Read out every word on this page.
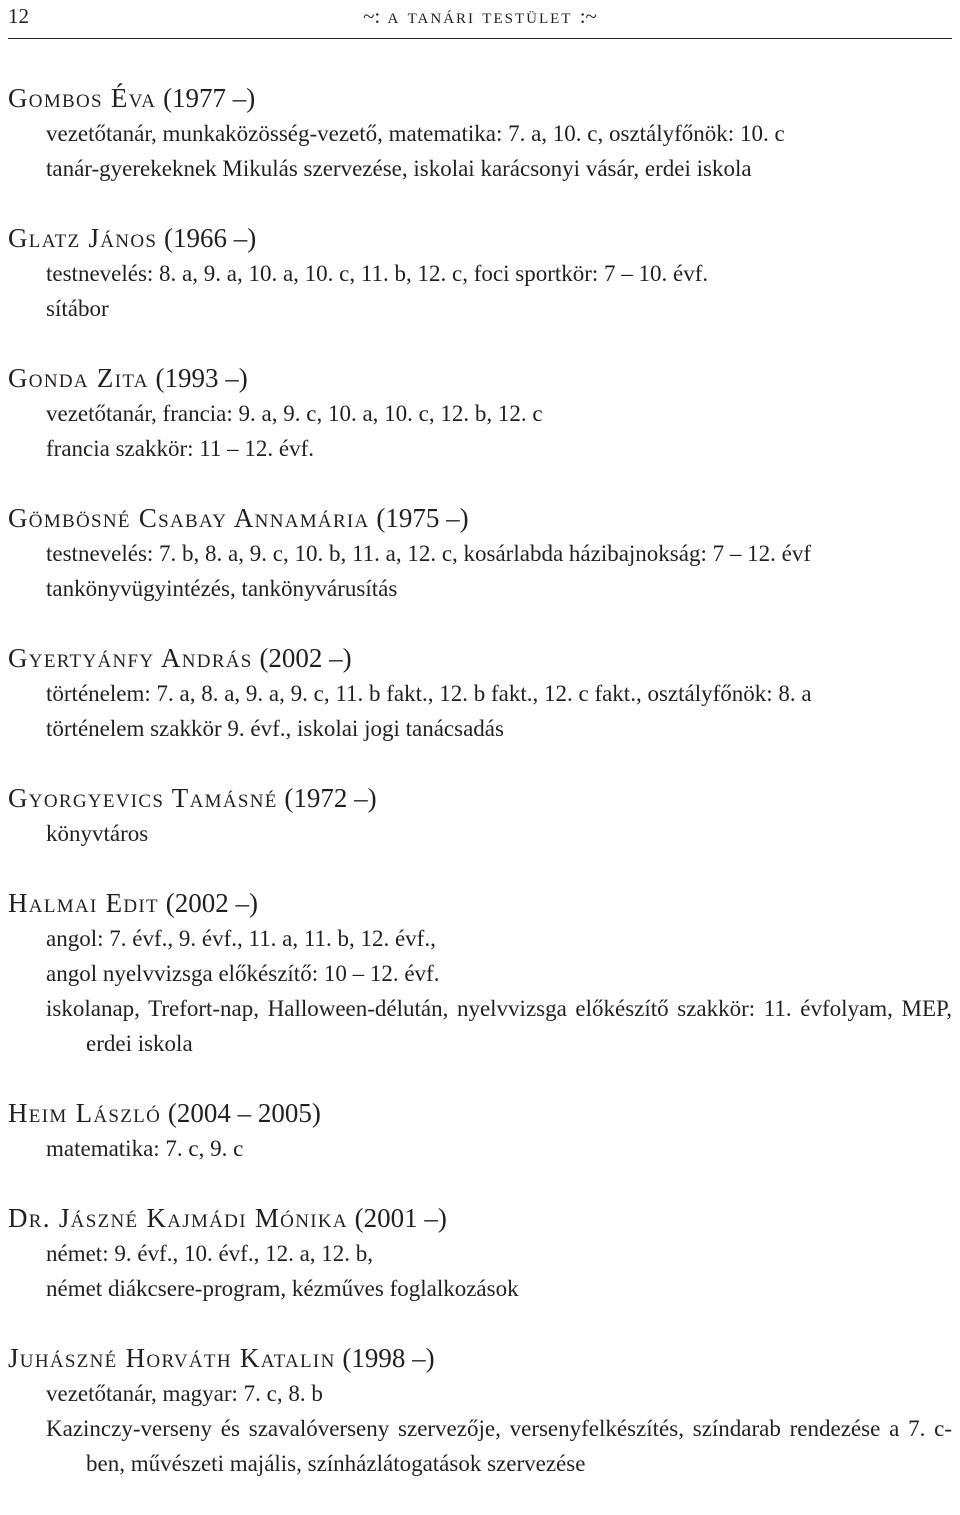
12	~: a tanári testület :~
Gombos Éva (1977 –)
vezetőtanár, munkaközösség-vezető, matematika: 7. a, 10. c, osztályfőnök: 10. c
tanár-gyerekeknek Mikulás szervezése, iskolai karácsonyi vásár, erdei iskola
Glatz János (1966 –)
testnevelés: 8. a, 9. a, 10. a, 10. c, 11. b, 12. c, foci sportkör: 7 – 10. évf.
sítábor
Gonda Zita (1993 –)
vezetőtanár, francia: 9. a, 9. c, 10. a, 10. c, 12. b, 12. c
francia szakkör: 11 – 12. évf.
Gömbösné Csabay Annamária (1975 –)
testnevelés: 7. b, 8. a, 9. c, 10. b, 11. a, 12. c, kosárlabda házibajnokság: 7 – 12. évf
tankönyvügyintézés, tankönyvárusítás
Gyertyánfy András (2002 –)
történelem: 7. a, 8. a, 9. a, 9. c, 11. b fakt., 12. b fakt., 12. c fakt., osztályfőnök: 8. a
történelem szakkör 9. évf., iskolai jogi tanácsadás
Gyorgyevics Tamásné (1972 –)
könyvtáros
Halmai Edit (2002 –)
angol: 7. évf., 9. évf., 11. a, 11. b, 12. évf.,
angol nyelvvizsga előkészítő: 10 – 12. évf.
iskolanap, Trefort-nap, Halloween-délután, nyelvvizsga előkészítő szakkör: 11. évfolyam, MEP, erdei iskola
Heim László (2004 – 2005)
matematika: 7. c, 9. c
Dr. Jászné Kajmádi Mónika (2001 –)
német: 9. évf., 10. évf., 12. a, 12. b,
német diákcsere-program, kézműves foglalkozások
Juhászné Horváth Katalin (1998 –)
vezetőtanár, magyar: 7. c, 8. b
Kazinczy-verseny és szavalóverseny szervezője, versenyfelkészítés, színdarab rendezése a 7. c-ben, művészeti majális, színházlátogatások szervezése
